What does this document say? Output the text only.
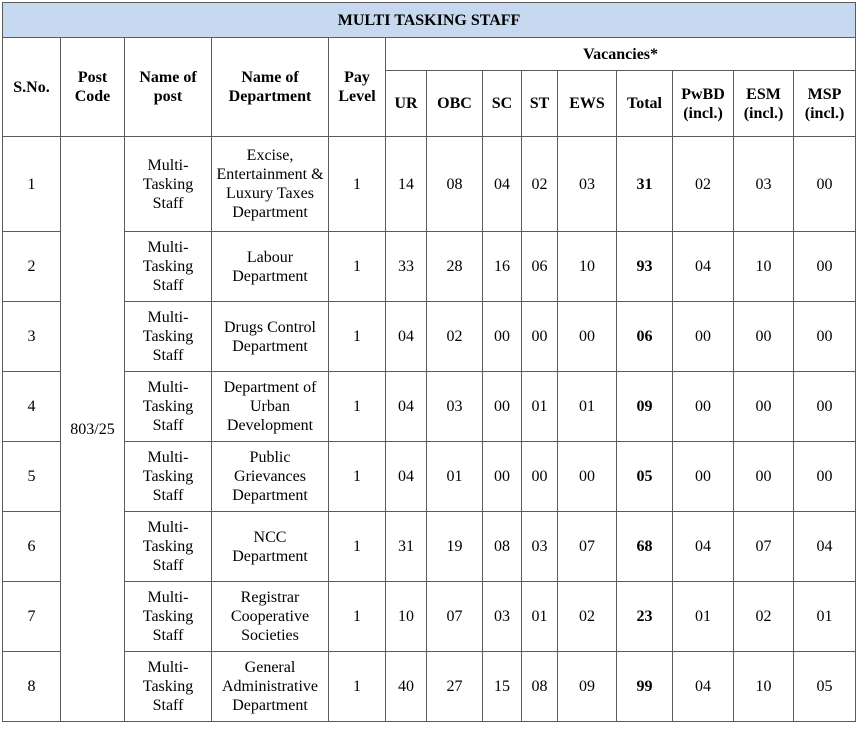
MULTI TASKING STAFF													
S.No.	Post Code	Name of post	Name of Department	Pay Level	Vacancies*								
					UR	OBC	SC	ST	EWS	Total	PwBD (incl.)	ESM (incl.)	MSP (incl.)
1	803/25	Multi-Tasking Staff	Excise, Entertainment & Luxury Taxes Department	1	14	08	04	02	03	31	02	03	00
2		Multi-Tasking Staff	Labour Department	1	33	28	16	06	10	93	04	10	00
3		Multi-Tasking Staff	Drugs Control Department	1	04	02	00	00	00	06	00	00	00
4		Multi-Tasking Staff	Department of Urban Development	1	04	03	00	01	01	09	00	00	00
5		Multi-Tasking Staff	Public Grievances Department	1	04	01	00	00	00	05	00	00	00
6		Multi-Tasking Staff	NCC Department	1	31	19	08	03	07	68	04	07	04
7		Multi-Tasking Staff	Registrar Cooperative Societies	1	10	07	03	01	02	23	01	02	01
8		Multi-Tasking Staff	General Administrative Department	1	40	27	15	08	09	99	04	10	05
